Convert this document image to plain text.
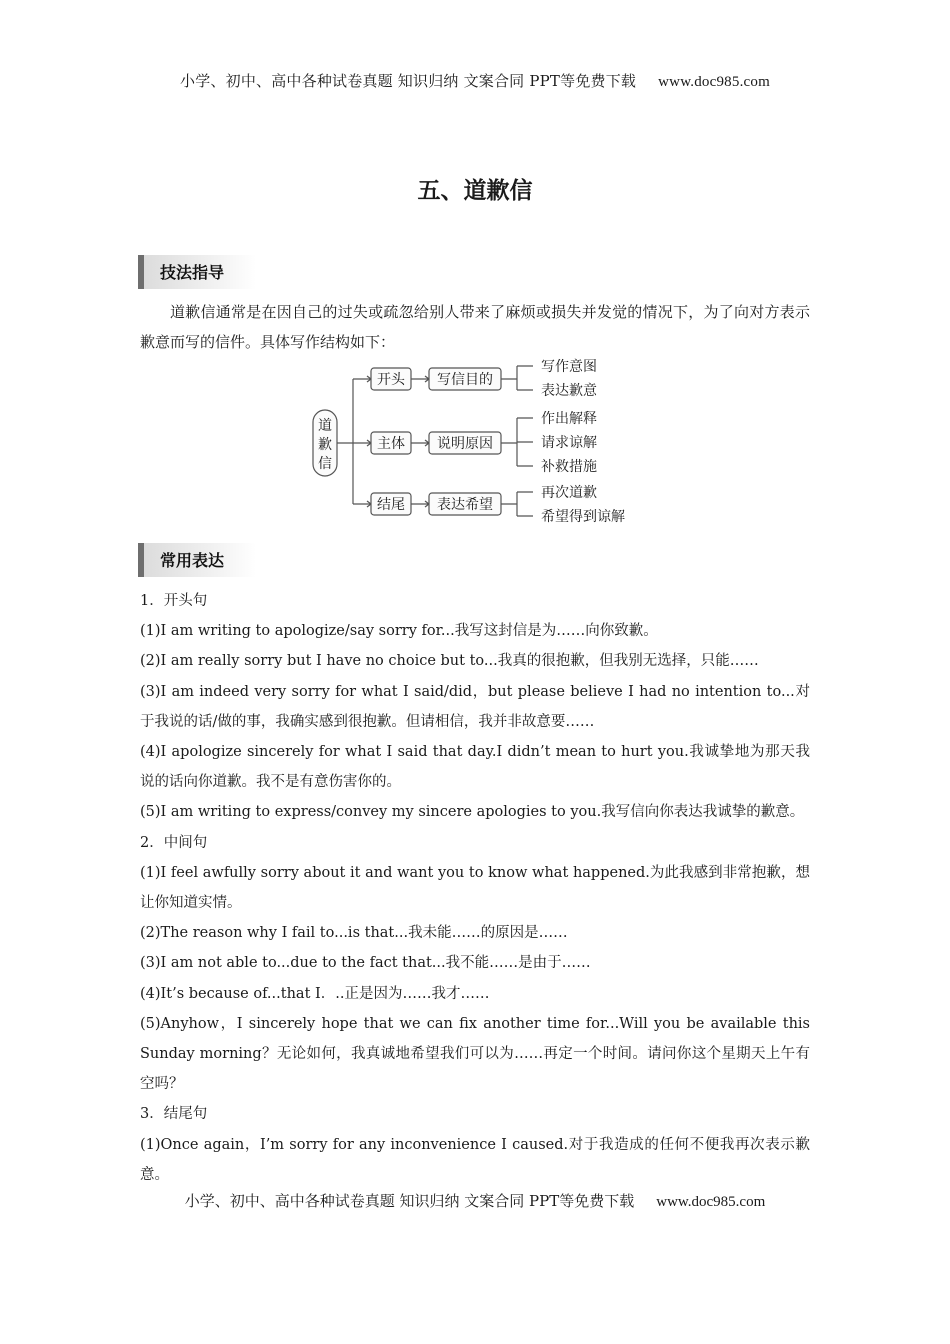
小学、初中、高中各种试卷真题 知识归纳 文案合同 PPT等免费下载 www.doc985.com
五、道歉信
技法指导

道歉信通常是在因自己的过失或疏忽给别人带来了麻烦或损失并发觉的情况下，为了向对方表示歉意而写的信件。具体写作结构如下：

道
歉
信
开头 写信目的
写作意图
表达歉意
主体 说明原因
作出解释
请求谅解
补救措施
结尾 表达希望
再次道歉
希望得到谅解
常用表达

1．开头句

(1)I am writing to apologize/say sorry for...我写这封信是为……向你致歉。

(2)I am really sorry but I have no choice but to...我真的很抱歉，但我别无选择，只能……

(3)I am indeed very sorry for what I said/did，but please believe I had no intention to...对于我说的话/做的事，我确实感到很抱歉。但请相信，我并非故意要……

(4)I apologize sincerely for what I said that day.I didn’t mean to hurt you.我诚挚地为那天我说的话向你道歉。我不是有意伤害你的。

(5)I am writing to express/convey my sincere apologies to you.我写信向你表达我诚挚的歉意。

2．中间句

(1)I feel awfully sorry about it and want you to know what happened.为此我感到非常抱歉，想让你知道实情。

(2)The reason why I fail to...is that...我未能……的原因是……

(3)I am not able to...due to the fact that...我不能……是由于……

(4)It’s because of...that I．..正是因为……我才……

(5)Anyhow，I sincerely hope that we can fix another time for...Will you be available this Sunday morning？无论如何，我真诚地希望我们可以为……再定一个时间。请问你这个星期天上午有空吗？

3．结尾句

(1)Once again，I’m sorry for any inconvenience I caused.对于我造成的任何不便我再次表示歉意。

小学、初中、高中各种试卷真题 知识归纳 文案合同 PPT等免费下载 www.doc985.com
